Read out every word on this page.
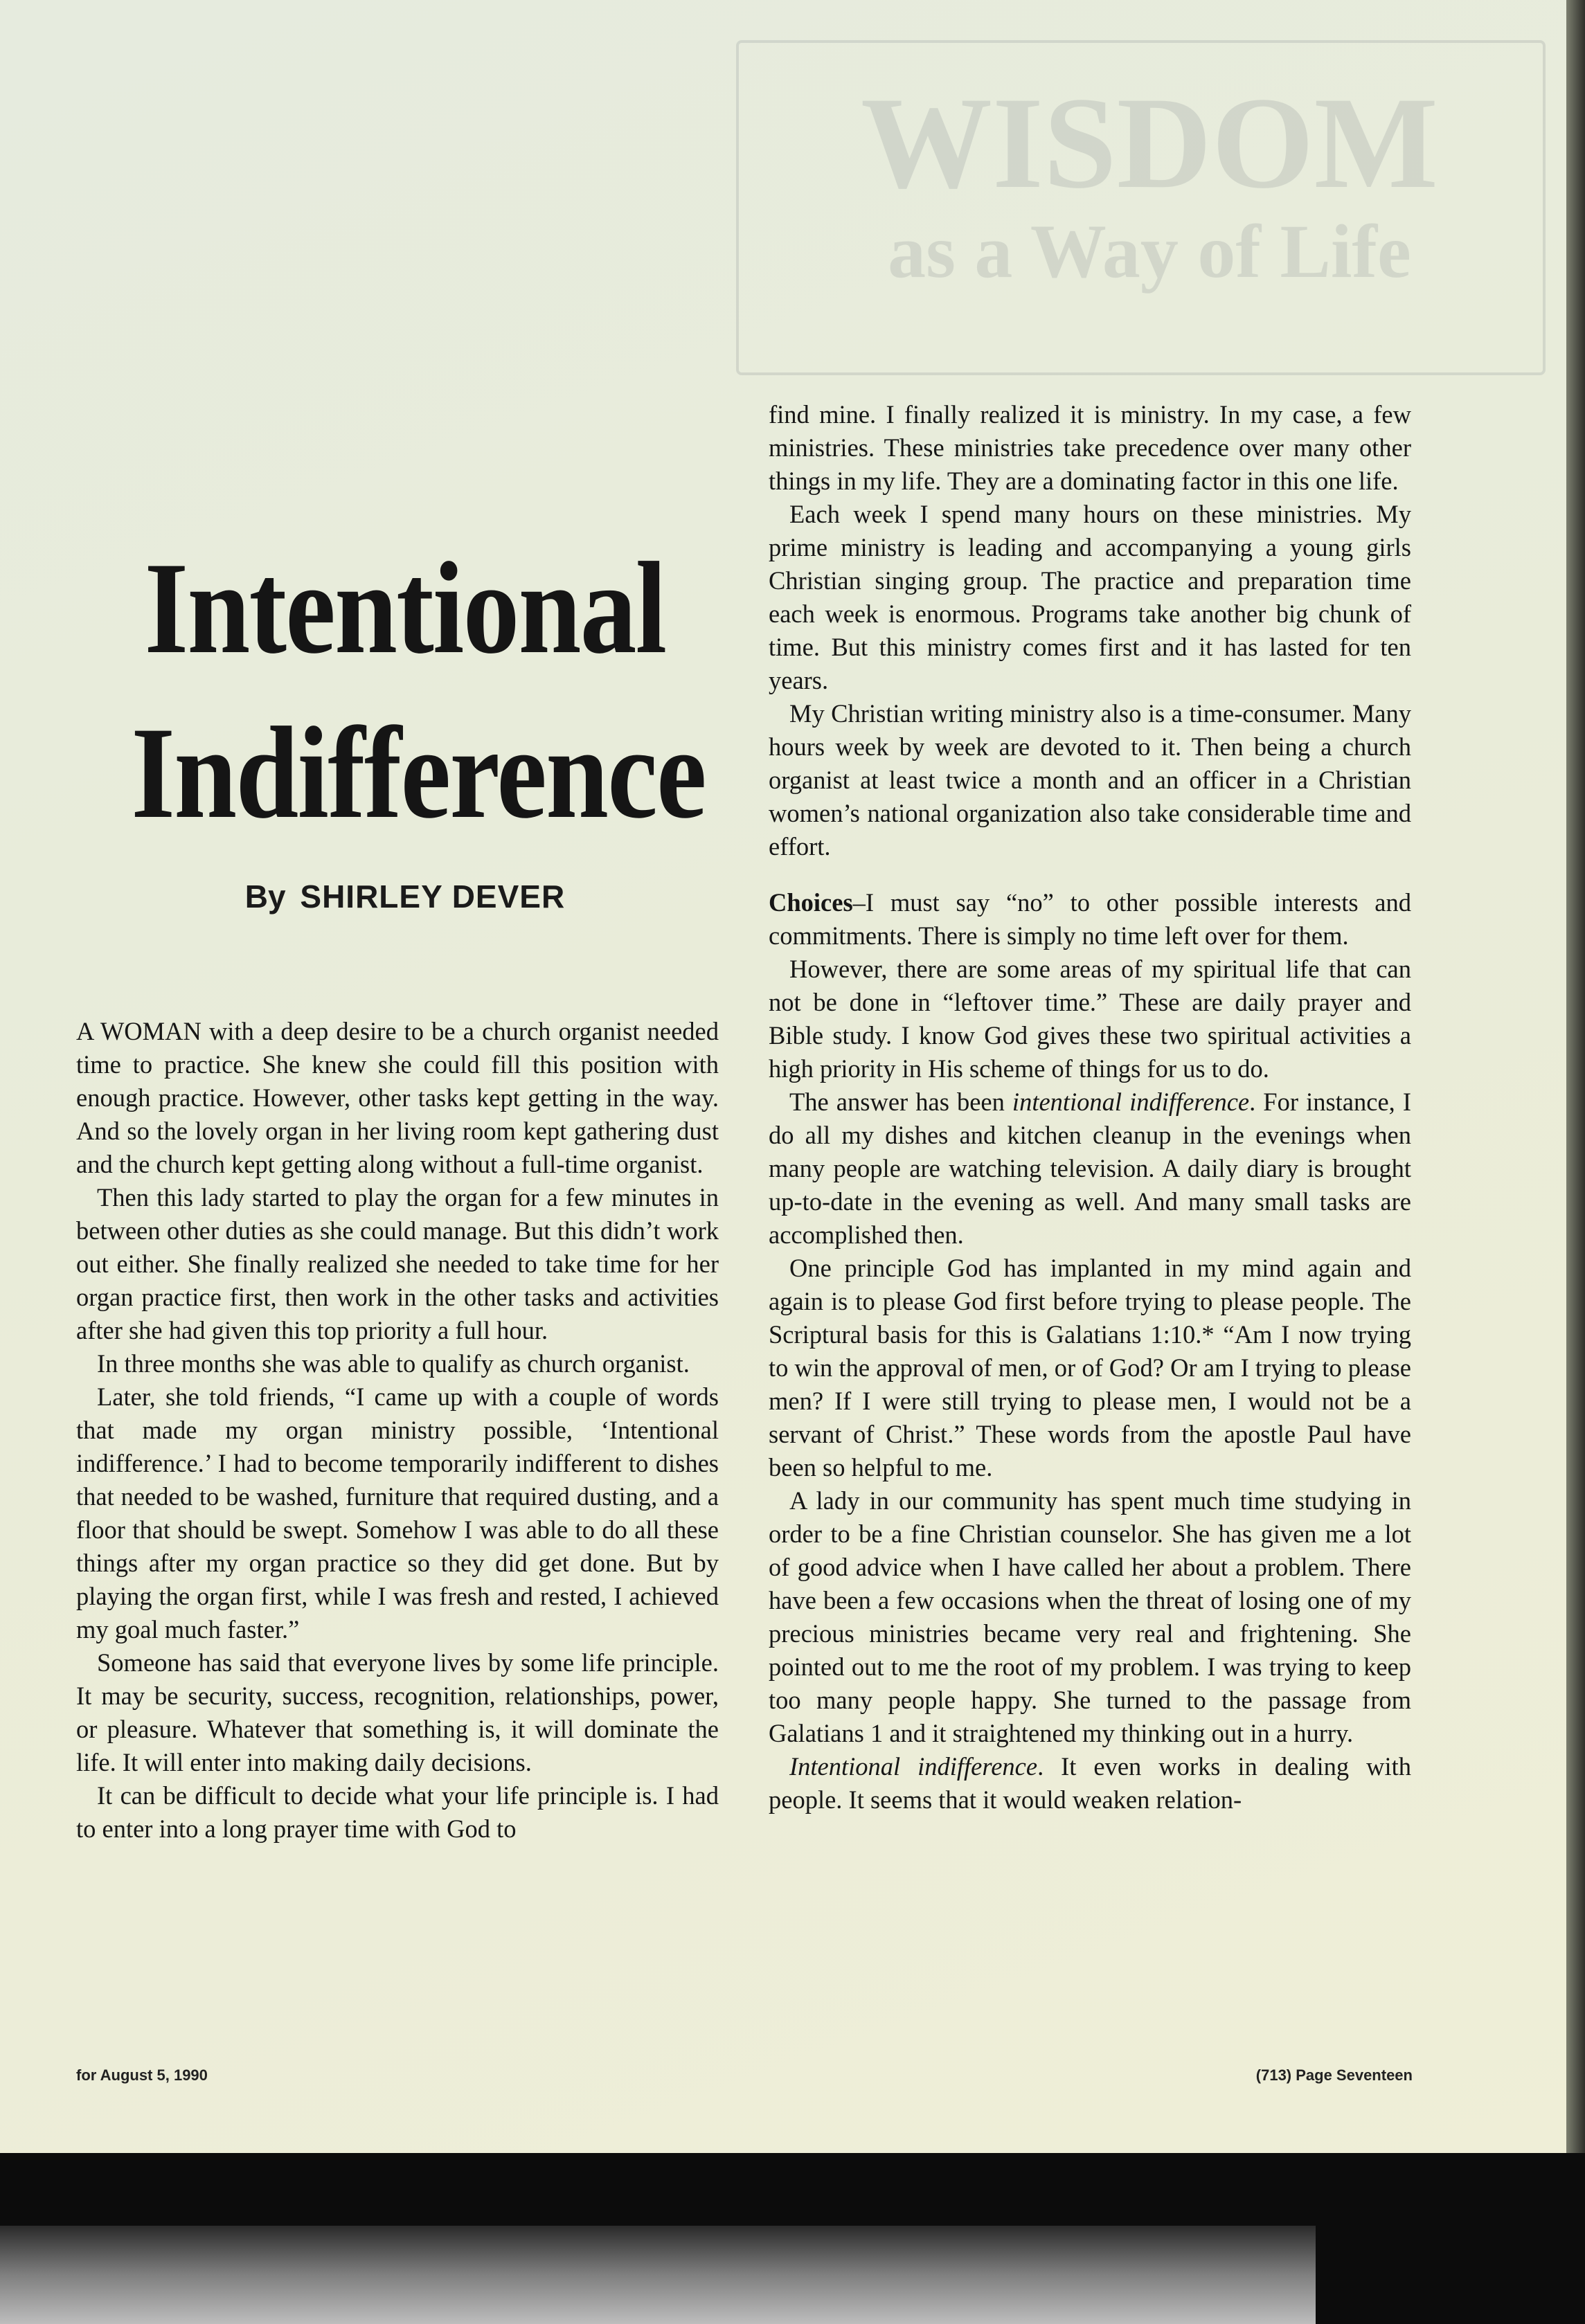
WISDOM
as a Way of Life
Intentional
Indifference
By SHIRLEY DEVER

A WOMAN with a deep desire to be a church organist needed time to practice. She knew she could fill this position with enough practice. However, other tasks kept getting in the way. And so the lovely organ in her living room kept gathering dust and the church kept getting along without a full-time organist.

Then this lady started to play the organ for a few minutes in between other duties as she could manage. But this didn’t work out either. She finally realized she needed to take time for her organ practice first, then work in the other tasks and activities after she had given this top priority a full hour.

In three months she was able to qualify as church organist.

Later, she told friends, “I came up with a couple of words that made my organ ministry possible, ‘Intentional indifference.’ I had to become temporarily indifferent to dishes that needed to be washed, furniture that required dusting, and a floor that should be swept. Somehow I was able to do all these things after my organ practice so they did get done. But by playing the organ first, while I was fresh and rested, I achieved my goal much faster.”

Someone has said that everyone lives by some life principle. It may be security, success, recognition, relationships, power, or pleasure. Whatever that something is, it will dominate the life. It will enter into making daily decisions.

It can be difficult to decide what your life principle is. I had to enter into a long prayer time with God to

find mine. I finally realized it is ministry. In my case, a few ministries. These ministries take precedence over many other things in my life. They are a dominating factor in this one life.

Each week I spend many hours on these ministries. My prime ministry is leading and accompanying a young girls Christian singing group. The practice and preparation time each week is enormous. Programs take another big chunk of time. But this ministry comes first and it has lasted for ten years.

My Christian writing ministry also is a time-consumer. Many hours week by week are devoted to it. Then being a church organist at least twice a month and an officer in a Christian women’s national organization also take considerable time and effort.

Choices–I must say “no” to other possible interests and commitments. There is simply no time left over for them.

However, there are some areas of my spiritual life that can not be done in “leftover time.” These are daily prayer and Bible study. I know God gives these two spiritual activities a high priority in His scheme of things for us to do.

The answer has been intentional indifference. For instance, I do all my dishes and kitchen cleanup in the evenings when many people are watching television. A daily diary is brought up-to-date in the evening as well. And many small tasks are accomplished then.

One principle God has implanted in my mind again and again is to please God first before trying to please people. The Scriptural basis for this is Galatians 1:10.* “Am I now trying to win the approval of men, or of God? Or am I trying to please men? If I were still trying to please men, I would not be a servant of Christ.” These words from the apostle Paul have been so helpful to me.

A lady in our community has spent much time studying in order to be a fine Christian counselor. She has given me a lot of good advice when I have called her about a problem. There have been a few occasions when the threat of losing one of my precious ministries became very real and frightening. She pointed out to me the root of my problem. I was trying to keep too many people happy. She turned to the passage from Galatians 1 and it straightened my thinking out in a hurry.

Intentional indifference. It even works in dealing with people. It seems that it would weaken relation-

for August 5, 1990	(713) Page Seventeen
